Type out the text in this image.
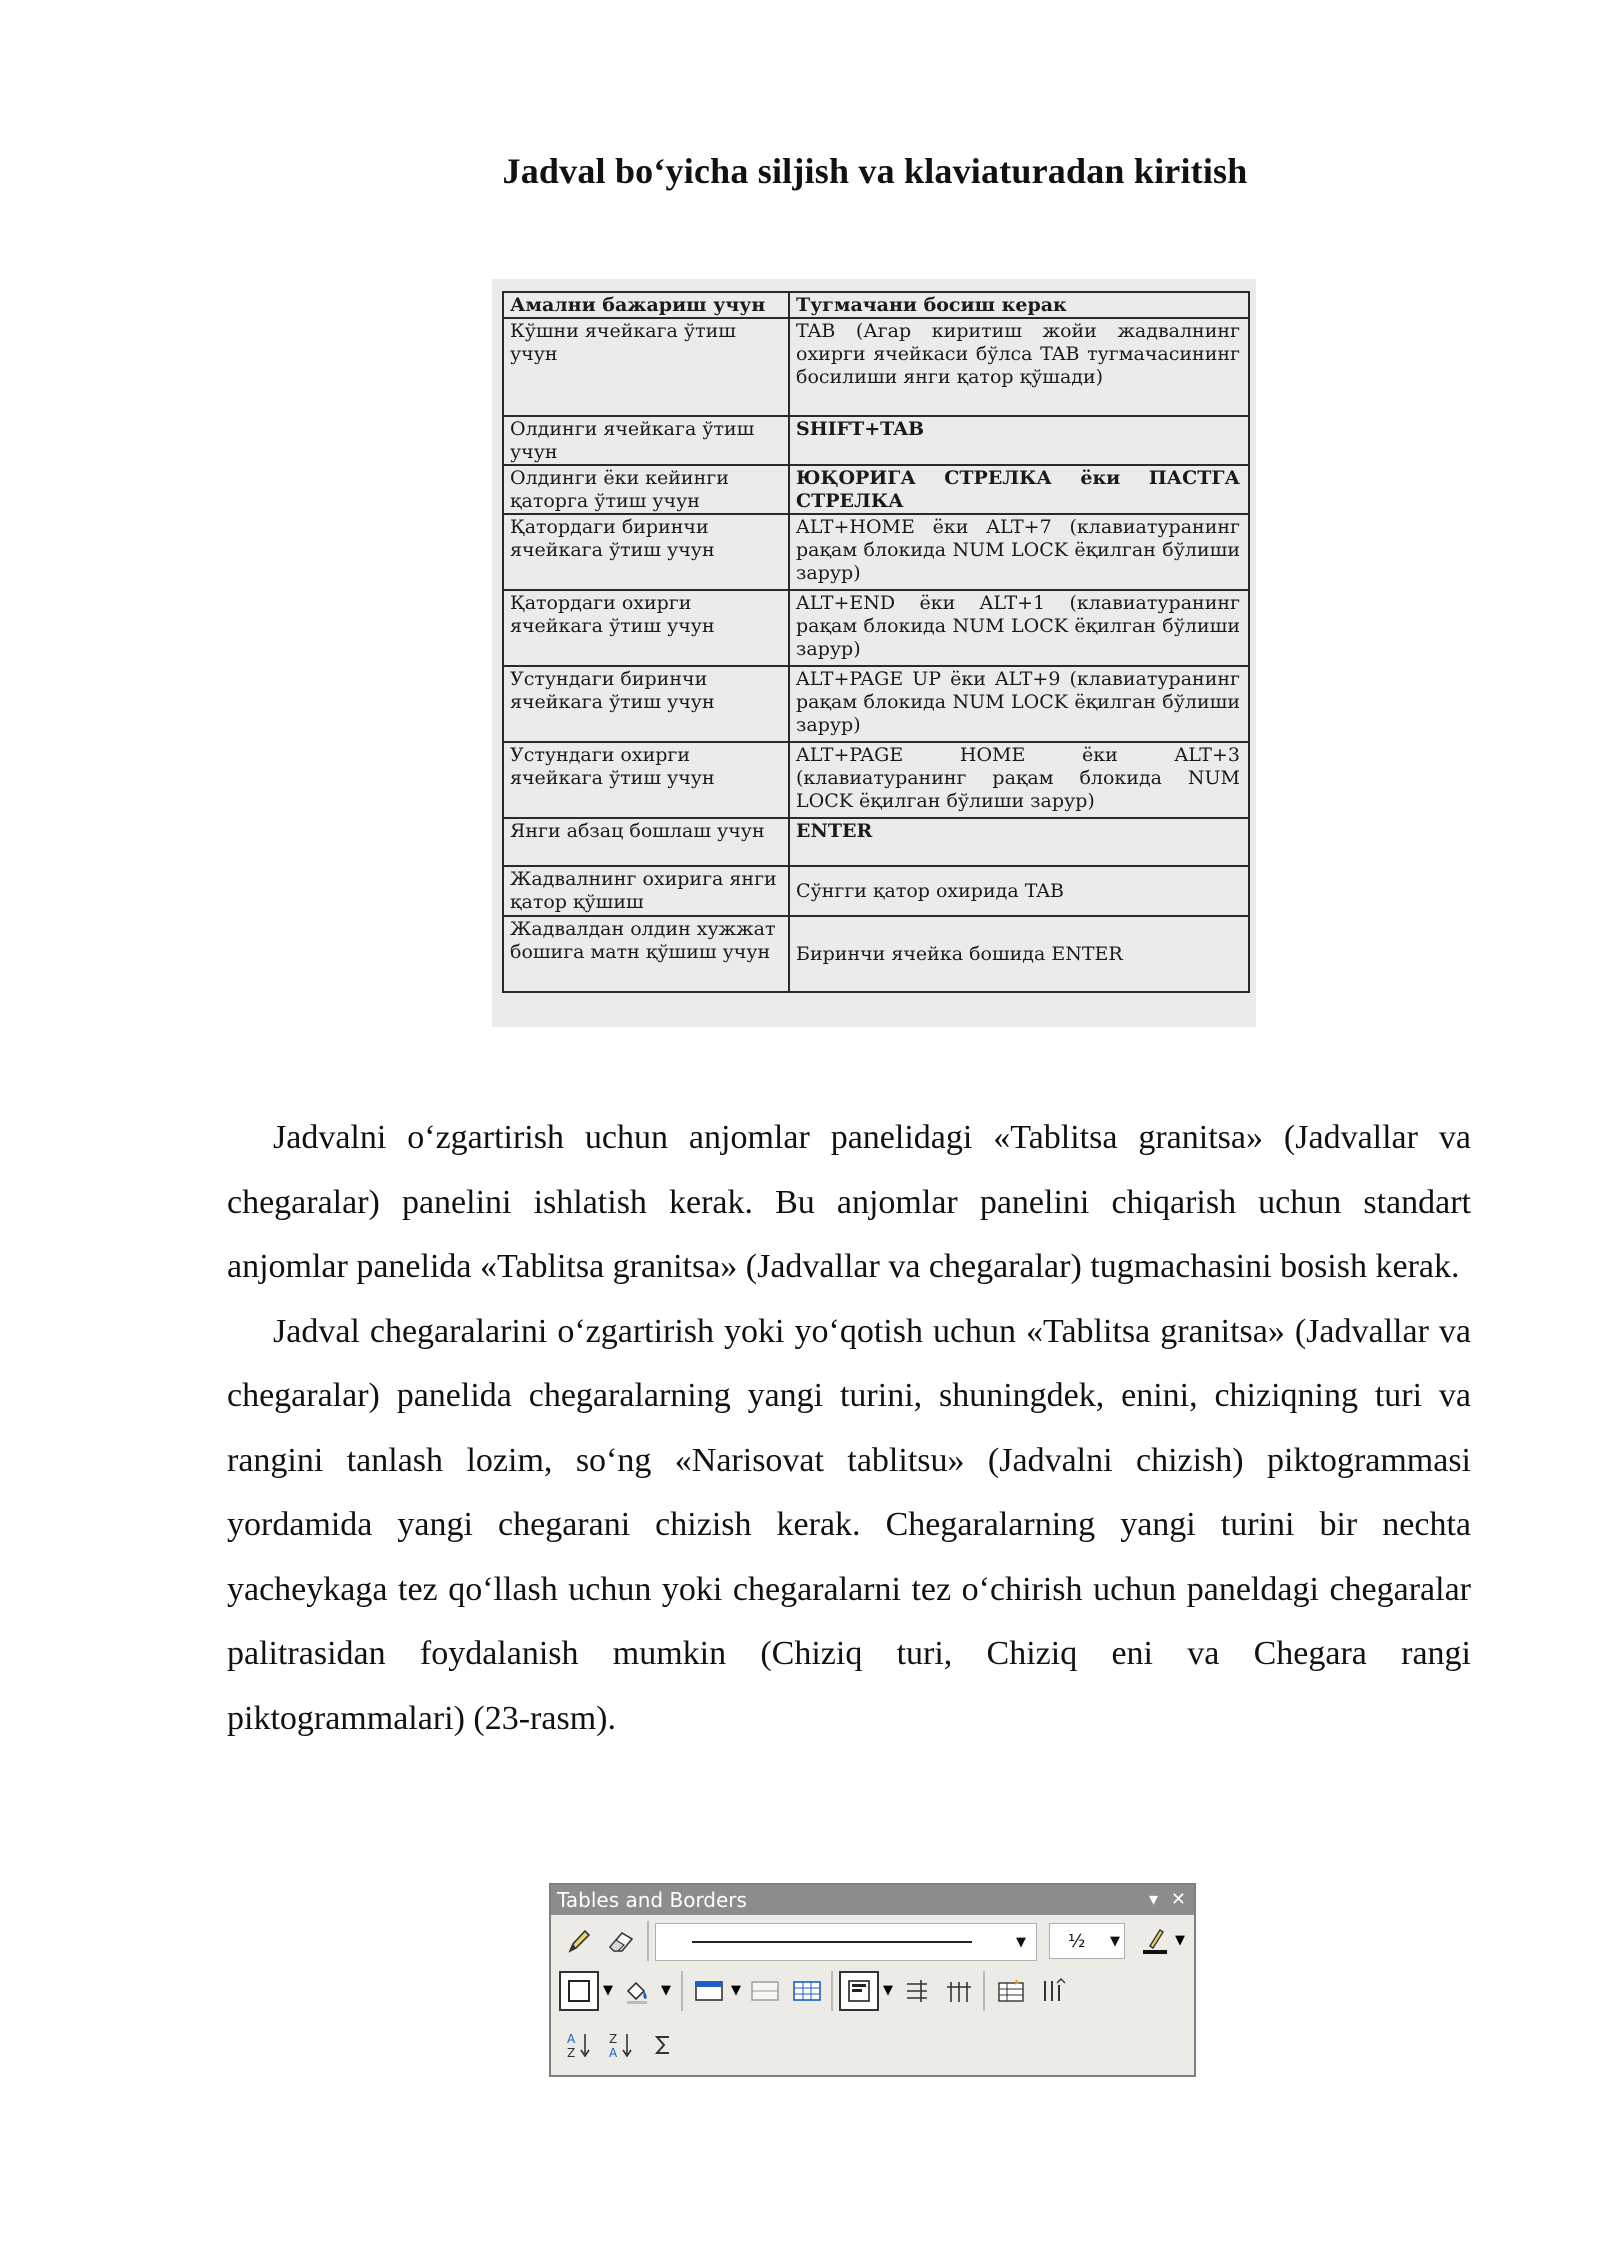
Jadval bo‘yicha siljish va klaviaturadan kiritish
Амални бажариш учун	Тугмачани босиш керак
Кўшни ячейкага ўтиш учун	TAB (Агар киритиш жойи жадвалнинг охирги ячейкаси бўлса TAB тугмачасининг босилиши янги қатор қўшади)
Олдинги ячейкага ўтиш учун	SHIFT+TAB
Олдинги ёки кейинги қаторга ўтиш учун	ЮҚОРИГА СТРЕЛКА ёки ПАСТГА СТРЕЛКА
Қатордаги биринчи ячейкага ўтиш учун	ALT+HOME ёки ALT+7 (клавиатуранинг рақам блокида NUM LOCK ёқилган бўлиши зарур)
Қатордаги охирги ячейкага ўтиш учун	ALT+END ёки ALT+1 (клавиатуранинг рақам блокида NUM LOCK ёқилган бўлиши зарур)
Устундаги биринчи ячейкага ўтиш учун	ALT+PAGE UP ёки ALT+9 (клавиатуранинг рақам блокида NUM LOCK ёқилган бўлиши зарур)
Устундаги охирги ячейкага ўтиш учун	ALT+PAGE HOME ёки ALT+3 (клавиатуранинг рақам блокида NUM LOCK ёқилган бўлиши зарур)
Янги абзац бошлаш учун	ENTER
Жадвалнинг охирига янги қатор қўшиш	Сўнгги қатор охирида TAB
Жадвалдан олдин хужжат бошига матн қўшиш учун	Биринчи ячейка бошида ENTER

Jadvalni o‘zgartirish uchun anjomlar panelidagi «Tablitsa granitsa» (Jadvallar va chegaralar) panelini ishlatish kerak. Bu anjomlar panelini chiqarish uchun standart anjomlar panelida «Tablitsa granitsa» (Jadvallar va chegaralar) tugmachasini bosish kerak.

Jadval chegaralarini o‘zgartirish yoki yo‘qotish uchun «Tablitsa granitsa» (Jadvallar va chegaralar) panelida chegaralarning yangi turini, shuningdek, enini, chiziqning turi va rangini tanlash lozim, so‘ng «Narisovat tablitsu» (Jadvalni chizish) piktogrammasi yordamida yangi chegarani chizish kerak. Chegaralarning yangi turini bir nechta yacheykaga tez qo‘llash uchun yoki chegaralarni tez o‘chirish uchun paneldagi chegaralar palitrasidan foydalanish mumkin (Chiziq turi, Chiziq eni va Chegara rangi piktogrammalari) (23-rasm).

Tables and Borders	▾ ✕
▼	½ ▼	▼
▼	▼	▼	▼
A
Z
Z
A
